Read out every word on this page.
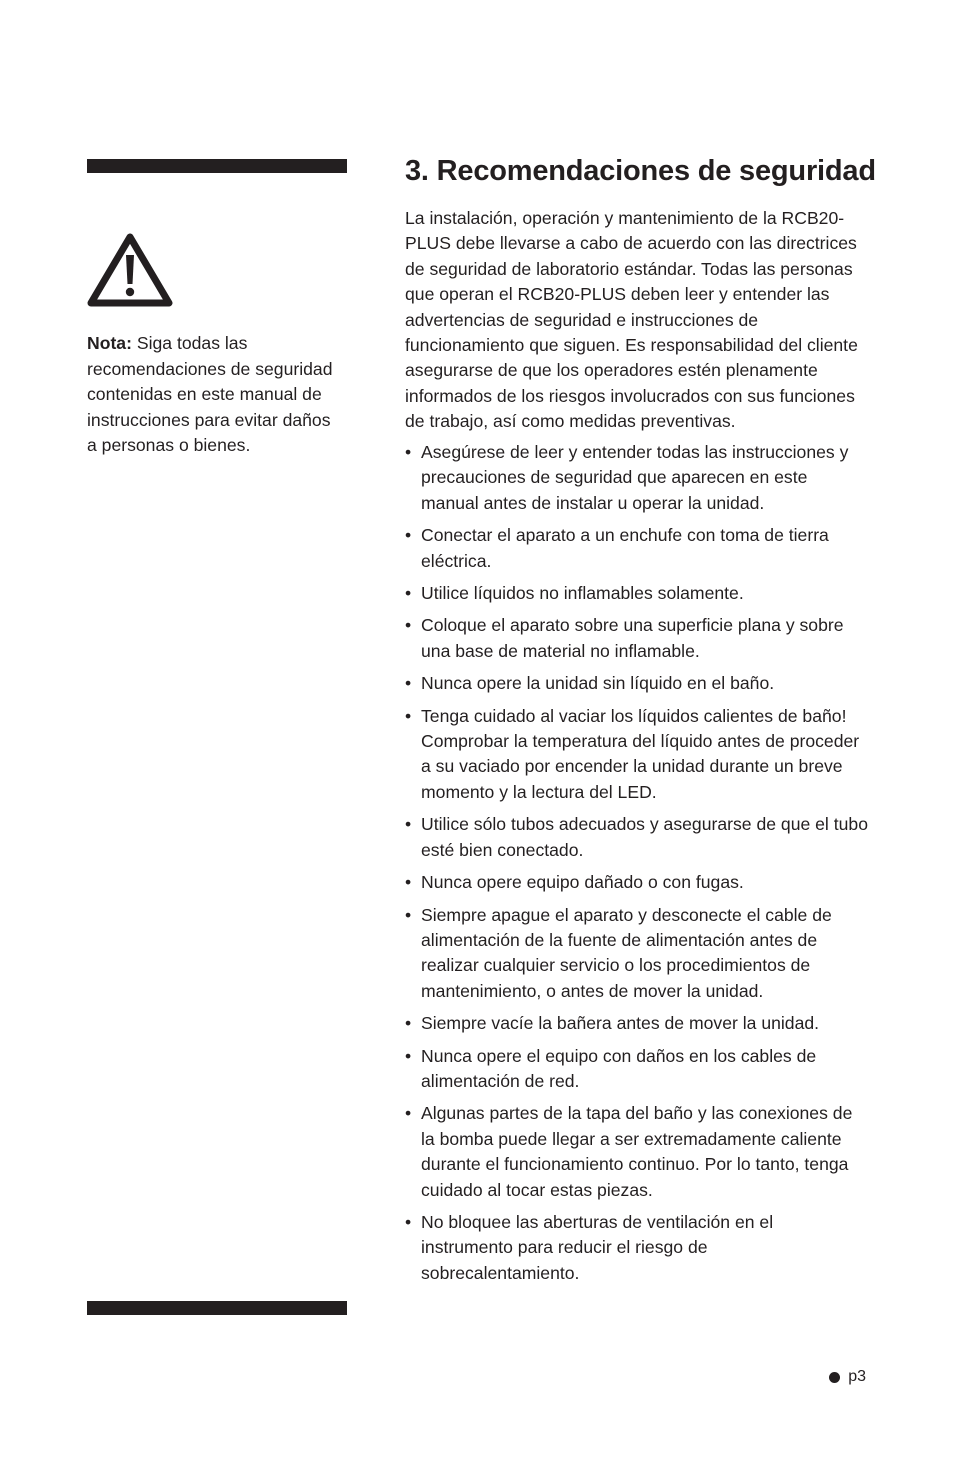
Nota: Siga todas las recomendaciones de seguridad contenidas en este manual de instrucciones para evitar daños a personas o bienes.

3. Recomendaciones de seguridad

La instalación, operación y mantenimiento de la RCB20-PLUS debe llevarse a cabo de acuerdo con las directrices de seguridad de laboratorio estándar. Todas las personas que operan el RCB20-PLUS deben leer y entender las advertencias de seguridad e instrucciones de funcionamiento que siguen. Es responsabilidad del cliente asegurarse de que los operadores estén plenamente informados de los riesgos involucrados con sus funciones de trabajo, así como medidas preventivas.

• Asegúrese de leer y entender todas las instrucciones y precauciones de seguridad que aparecen en este manual antes de instalar u operar la unidad.
• Conectar el aparato a un enchufe con toma de tierra eléctrica.
• Utilice líquidos no inflamables solamente.
• Coloque el aparato sobre una superficie plana y sobre una base de material no inflamable.
• Nunca opere la unidad sin líquido en el baño.
• Tenga cuidado al vaciar los líquidos calientes de baño! Comprobar la temperatura del líquido antes de proceder a su vaciado por encender la unidad durante un breve momento y la lectura del LED.
• Utilice sólo tubos adecuados y asegurarse de que el tubo esté bien conectado.
• Nunca opere equipo dañado o con fugas.
• Siempre apague el aparato y desconecte el cable de alimentación de la fuente de alimentación antes de realizar cualquier servicio o los procedimientos de mantenimiento, o antes de mover la unidad.
• Siempre vacíe la bañera antes de mover la unidad.
• Nunca opere el equipo con daños en los cables de alimentación de red.
• Algunas partes de la tapa del baño y las conexiones de la bomba puede llegar a ser extremadamente caliente durante el funcionamiento continuo. Por lo tanto, tenga cuidado al tocar estas piezas.
• No bloquee las aberturas de ventilación en el instrumento para reducir el riesgo de sobrecalentamiento.
p3
